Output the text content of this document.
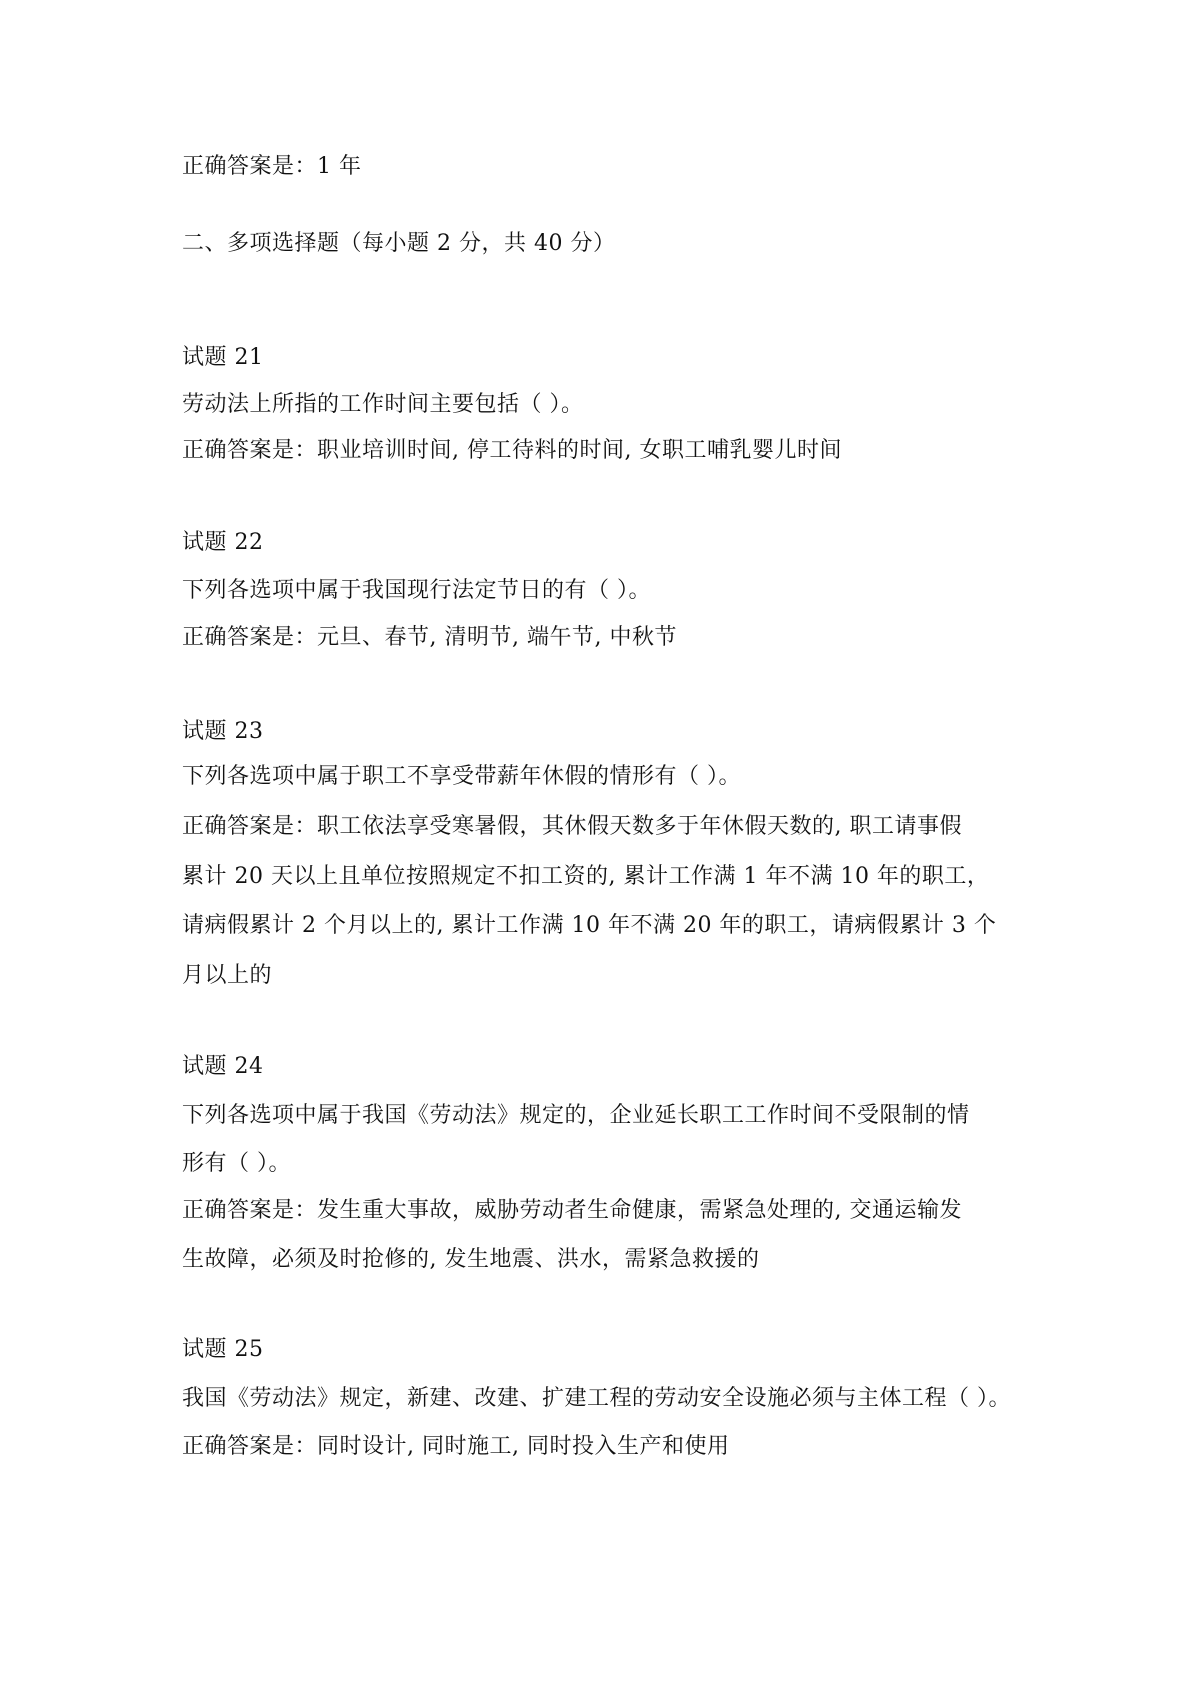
正确答案是：1 年
二、多项选择题（每小题 2 分，共 40 分）
试题 21
劳动法上所指的工作时间主要包括（ ）。
正确答案是：职业培训时间, 停工待料的时间, 女职工哺乳婴儿时间
试题 22
下列各选项中属于我国现行法定节日的有（ ）。
正确答案是：元旦、春节, 清明节, 端午节, 中秋节
试题 23
下列各选项中属于职工不享受带薪年休假的情形有（ ）。
正确答案是：职工依法享受寒暑假，其休假天数多于年休假天数的, 职工请事假
累计 20 天以上且单位按照规定不扣工资的, 累计工作满 1 年不满 10 年的职工，
请病假累计 2 个月以上的, 累计工作满 10 年不满 20 年的职工，请病假累计 3 个
月以上的
试题 24
下列各选项中属于我国《劳动法》规定的，企业延长职工工作时间不受限制的情
形有（ ）。
正确答案是：发生重大事故，威胁劳动者生命健康，需紧急处理的, 交通运输发
生故障，必须及时抢修的, 发生地震、洪水，需紧急救援的
试题 25
我国《劳动法》规定，新建、改建、扩建工程的劳动安全设施必须与主体工程（ ）。
正确答案是：同时设计, 同时施工, 同时投入生产和使用
